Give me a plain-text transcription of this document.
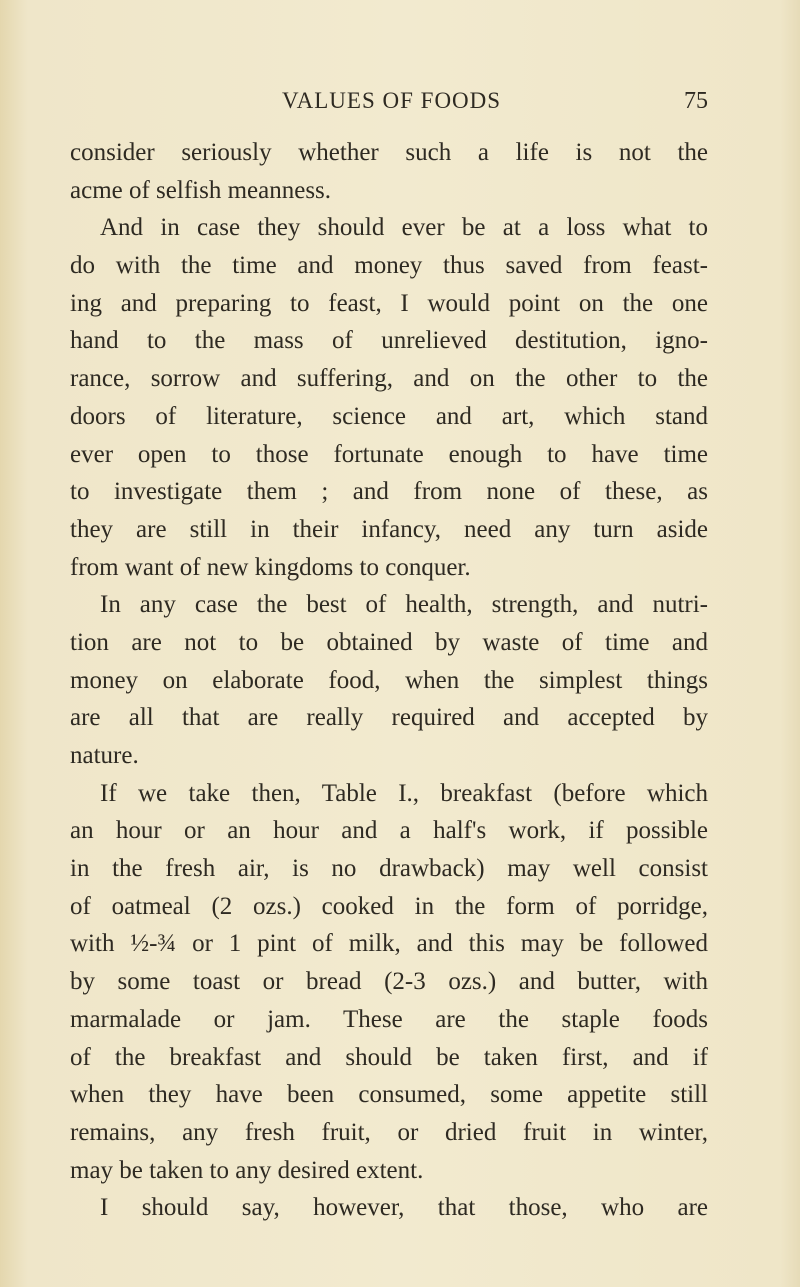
VALUES OF FOODS	75
consider seriously whether such a life is not the
acme of selfish meanness.
And in case they should ever be at a loss what to
do with the time and money thus saved from feast-
ing and preparing to feast, I would point on the one
hand to the mass of unrelieved destitution, igno-
rance, sorrow and suffering, and on the other to the
doors of literature, science and art, which stand
ever open to those fortunate enough to have time
to investigate them ; and from none of these, as
they are still in their infancy, need any turn aside
from want of new kingdoms to conquer.
In any case the best of health, strength, and nutri-
tion are not to be obtained by waste of time and
money on elaborate food, when the simplest things
are all that are really required and accepted by
nature.
If we take then, Table I., breakfast (before which
an hour or an hour and a half's work, if possible
in the fresh air, is no drawback) may well consist
of oatmeal (2 ozs.) cooked in the form of porridge,
with ½-¾ or 1 pint of milk, and this may be followed
by some toast or bread (2-3 ozs.) and butter, with
marmalade or jam. These are the staple foods
of the breakfast and should be taken first, and if
when they have been consumed, some appetite still
remains, any fresh fruit, or dried fruit in winter,
may be taken to any desired extent.
I should say, however, that those, who are
